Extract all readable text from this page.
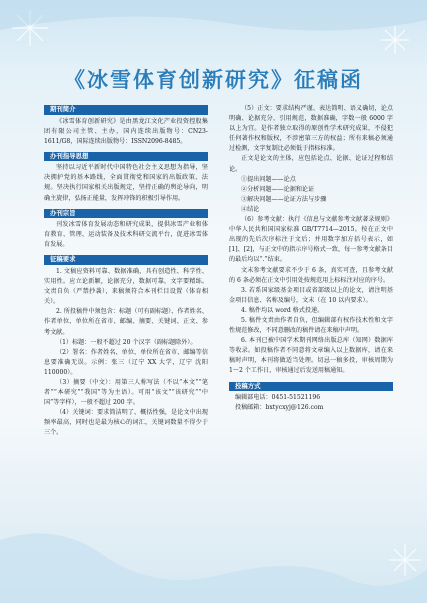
《冰雪体育创新研究》征稿函
期刊简介

《冰雪体育创新研究》是由黑龙江文化产业投资控股集团有限公司主管、主办，国内连续出版物号：CN23-1611/G8，国际连续出版物号：ISSN2096-8485。

办刊指导思想

坚持以习近平新时代中国特色社会主义思想为指导，坚决拥护党的基本路线，全面贯彻党和国家的出版政策、法规。坚决执行国家相关出版规定，坚持正确的舆论导向，明确主旋律，弘扬正能量，发挥冲锋的积极引导作用。

办刊宗旨

刊发冰雪体育发展动态和研究成果，提供冰雪产业和体育教育、管理、运动装备及技术科研交流平台，促进冰雪体育发展。

征稿要求

1. 文稿应资料可靠、数据准确，具有创造性、科学性、实用性。应立论新颖，论据充分，数据可靠，文字要精练。文责自负（严禁抄袭），来稿须符合本刊栏目设置（体育相关）。

2. 所投稿件中须包含：标题（可有副标题）、作者姓名、作者单位、单位所在省市、邮编、摘要、关键词、正文、参考文献。

（1）标题：一般不超过 20 个汉字（副标题除外）。

（2）署名：作者姓名、单位、单位所在省市、邮编等信息要准确无误。示例：张三（辽宁 XX 大学，辽宁 沈阳 110000）。

（3）摘要（中文）：用第三人称写法（不以“本文”“笔者”“本研究”“我国”等为主语）。可用“该文”“该研究”“中国”等字样），一般不超过 200 字。

（4）关键词：要求简洁明了、概括性强，是论文中出现频率最高，同时也是最为核心的词汇，关键词数量不得少于三个。

（5）正文：要求结构严谨、表达简明、语义确切，论点明确、论据充分，引用规范，数据准确，字数一般 6000 字以上为宜。是作者独立取得的原创性学术研究成果，不侵犯任何著作权和版权，不涉密第三方的权益；所有来稿必须通过检测，文字复制比必须低于指标标准。

正文是论文的主体，应包括论点、论据、论证过程和结论。

①提出问题——论点

②分析问题——论据和论证

③解决问题——论证方法与步骤

④结论

（6）参考文献：执行《信息与文献参考文献著录规则》中华人民共和国国家标准 GB/T7714—2015。按在正文中出现的先后次序标注于文后；并用数字加方括号表示，如 [1]、[2]，与正文中的指示序号格式一致，每一参考文献条目的最后均以“.”结束。

文末参考文献要求不少于 6 条，真实可查，且参考文献的 6 条必须在正文中引用处按规范用上标标注对应的序号。

3. 若系国家级基金项目或省部级以上的论文，请注明基金项目信息、名称及编号，文末（在 10 以内要求）。

4. 稿件均以 word 格式投递。

5. 稿件文责由作者自负，但编辑部有权作技术性和文字性规范修改，不同意删改的稿件请在来稿中声明。

6. 本刊已被中国学术期刊网络出版总库（知网）数据库等收录。如投稿作者不同意将文章编入以上数据库，请在来稿时声明，本刊将做适当处理。切忌一稿多投，审核周期为 1～2 个工作日，审核通过后发送用稿通知。

投稿方式

编辑部电话：0451-51521196

投稿邮箱：bxtycxyj@126.com
